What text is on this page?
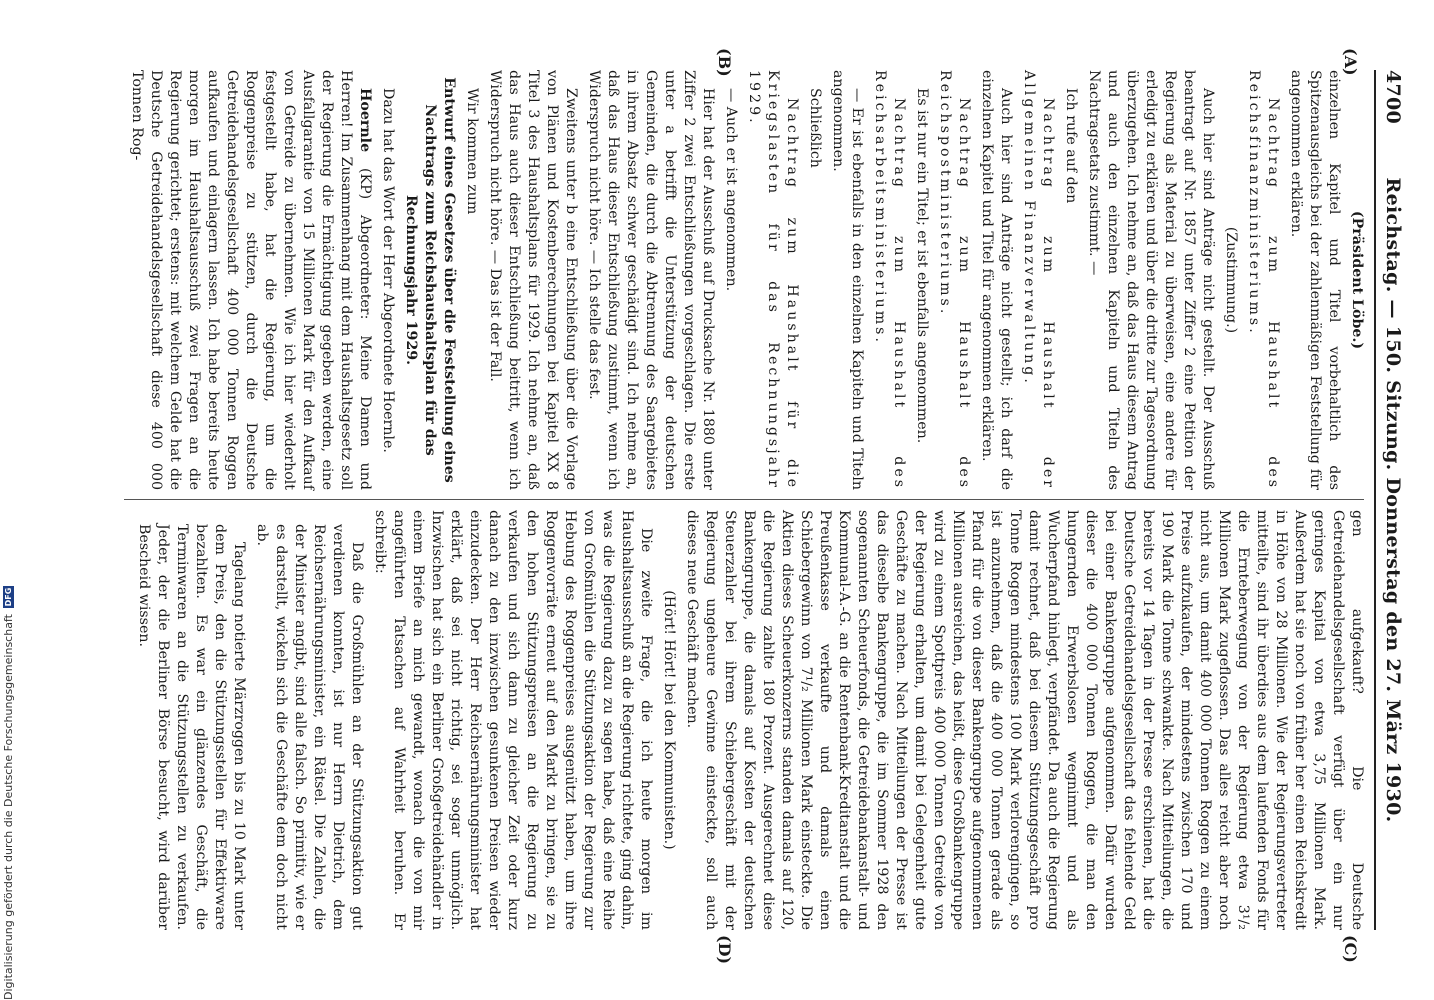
4700
Reichstag. — 150. Sitzung. Donnerstag den 27. März 1930.
(A)
(B)
(C)
(D)

(Präsident Löbe.)

einzelnen Kapitel und Titel vorbehaltlich des Spitzenausgleichs bei der zahlenmäßigen Feststellung für angenommen erklären.

Nachtrag zum Haushalt des Reichsfinanzministeriums.

(Zustimmung.)

Auch hier sind Anträge nicht gestellt. Der Ausschuß beantragt auf Nr. 1857 unter Ziffer 2 eine Petition der Regierung als Material zu überweisen, eine andere für erledigt zu erklären und über die dritte zur Tagesordnung überzugehen. Ich nehme an, daß das Haus diesem Antrag und auch den einzelnen Kapiteln und Titeln des Nachtragsetats zustimmt. —

Ich rufe auf den

Nachtrag zum Haushalt der Allgemeinen Finanzverwaltung.

Auch hier sind Anträge nicht gestellt; ich darf die einzelnen Kapitel und Titel für angenommen erklären.

Nachtrag zum Haushalt des Reichspostministeriums.

Es ist nur ein Titel; er ist ebenfalls angenommen.

Nachtrag zum Haushalt des Reichsarbeitsministeriums.

— Er ist ebenfalls in den einzelnen Kapiteln und Titeln angenommen.

Schließlich

Nachtrag zum Haushalt für die Kriegslasten für das Rechnungsjahr 1929.

— Auch er ist angenommen.

Hier hat der Ausschuß auf Drucksache Nr. 1880 unter Ziffer 2 zwei Entschließungen vorgeschlagen. Die erste unter a betrifft die Unterstützung der deutschen Gemeinden, die durch die Abtrennung des Saargebietes in ihrem Absatz schwer geschädigt sind. Ich nehme an, daß das Haus dieser Entschließung zustimmt, wenn ich Widerspruch nicht höre. — Ich stelle das fest.

Zweitens unter b eine Entschließung über die Vorlage von Plänen und Kostenberechnungen bei Kapitel XX 8 Titel 3 des Haushaltsplans für 1929. Ich nehme an, daß das Haus auch dieser Entschließung beitritt, wenn ich Widerspruch nicht höre. — Das ist der Fall.

Wir kommen zum

Entwurf eines Gesetzes über die Feststellung eines Nachtrags zum Reichshaushaltsplan für das Rechnungsjahr 1929.

Dazu hat das Wort der Herr Abgeordnete Hoernle.

Hoernle (KP) Abgeordneter: Meine Damen und Herren! Im Zusammenhang mit dem Haushaltsgesetz soll der Regierung die Ermächtigung gegeben werden, eine Ausfallgarantie von 15 Millionen Mark für den Aufkauf von Getreide zu übernehmen. Wie ich hier wiederholt festgestellt habe, hat die Regierung, um die Roggenpreise zu stützen, durch die Deutsche Getreidehandelsgesellschaft 400 000 Tonnen Roggen aufkaufen und einlagern lassen. Ich habe bereits heute morgen im Haushaltsausschuß zwei Fragen an die Regierung gerichtet; erstens: mit welchem Gelde hat die Deutsche Getreidehandelsgesellschaft diese 400 000 Tonnen Rog-

gen aufgekauft? Die Deutsche Getreidehandelsgesellschaft verfügt über ein nur geringes Kapital von etwa 3,75 Millionen Mark. Außerdem hat sie noch von früher her einen Reichskredit in Höhe von 28 Millionen. Wie der Regierungsvertreter mitteilte, sind ihr überdies aus dem laufenden Fonds für die Ernteberwegung von der Regierung etwa 3¹/₂ Millionen Mark zugeflossen. Das alles reicht aber noch nicht aus, um damit 400 000 Tonnen Roggen zu einem Preise aufzukaufen, der mindestens zwischen 170 und 190 Mark die Tonne schwankte. Nach Mitteilungen, die bereits vor 14 Tagen in der Presse erschienen, hat die Deutsche Getreidehandelsgesellschaft das fehlende Geld bei einer Bankengruppe aufgenommen. Dafür wurden dieser die 400 000 Tonnen Roggen, die man den hungernden Erwerbslosen wegnimmt und als Wucherpfand hinlegt, verpfändet. Da auch die Regierung damit rechnet, daß bei diesem Stützungsgeschäft pro Tonne Roggen mindestens 100 Mark verlorengingen, so ist anzunehmen, daß die 400 000 Tonnen gerade als Pfand für die von dieser Bankengruppe aufgenommenen Millionen ausreichen, das heißt, diese Großbankengruppe wird zu einem Spottpreis 400 000 Tonnen Getreide von der Regierung erhalten, um damit bei Gelegenheit gute Geschäfte zu machen. Nach Mitteilungen der Presse ist das dieselbe Bankengruppe, die im Sommer 1928 den sogenannten Scheuerfonds, die Getreidebankanstalt- und Kommunal-A.-G. an die Rentenbank-Kreditanstalt und die Preußenkasse verkaufte und damals einen Schiebergewinn von 7¹/₂ Millionen Mark einsteckte. Die Aktien dieses Scheuerkonzerns standen damals auf 120, die Regierung zahlte 180 Prozent. Ausgerechnet diese Bankengruppe, die damals auf Kosten der deutschen Steuerzahler bei ihrem Schiebergeschäft mit der Regierung ungeheure Gewinne einsteckte, soll auch dieses neue Geschäft machen.

(Hört! Hört! bei den Kommunisten.)

Die zweite Frage, die ich heute morgen im Haushaltsausschuß an die Regierung richtete, ging dahin, was die Regierung dazu zu sagen habe, daß eine Reihe von Großmühlen die Stützungsaktion der Regierung zur Hebung des Roggenpreises ausgenützt haben, um ihre Roggenvorräte erneut auf den Markt zu bringen, sie zu den hohen Stützungspreisen an die Regierung zu verkaufen und sich dann zu gleicher Zeit oder kurz danach zu den inzwischen gesunkenen Preisen wieder einzudecken. Der Herr Reichsernährungsminister hat erklärt, daß sei nicht richtig, sei sogar unmöglich. Inzwischen hat sich ein Berliner Großgetreidehändler in einem Briefe an mich gewandt, wonach die von mir angeführten Tatsachen auf Wahrheit beruhen. Er schreibt:

Daß die Großmühlen an der Stützungsaktion gut verdienen konnten, ist nur Herrn Dietrich, dem Reichsernährungsminister, ein Rätsel. Die Zahlen, die der Minister angibt, sind alle falsch. So primitiv, wie er es darstellt, wickeln sich die Geschäfte dem doch nicht ab.

Tagelang notierte Märzroggen bis zu 10 Mark unter dem Preis, den die Stützungsstellen für Effektivware bezahlten. Es war ein glänzendes Geschäft, die Terminwaren an die Stützungsstellen zu verkaufen. Jeder, der die Berliner Börse besucht, wird darüber Bescheid wissen.

Digitalisierung gefördert durch die Deutsche Forschungsgemeinschaft
DFG
